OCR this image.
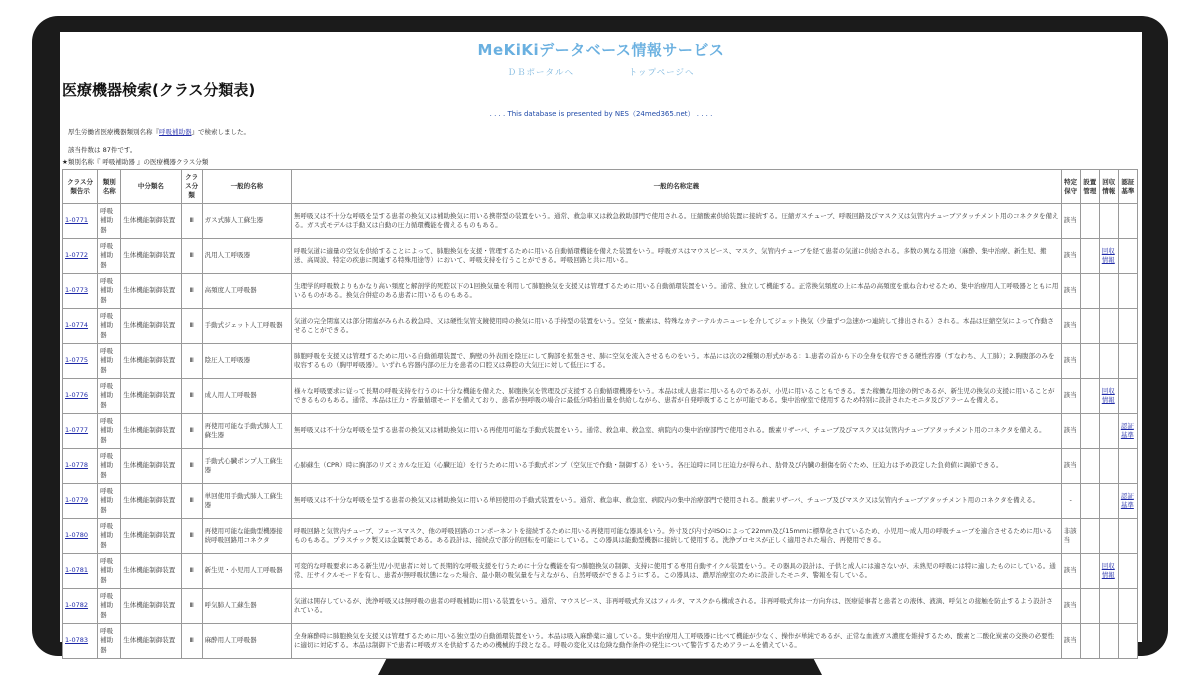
MeKiKiデータベース情報サービス
ＤＢポータルへ	トップページへ
医療機器検索(クラス分類表)
. . . . This database is presented by NES（24med365.net） . . . .
厚生労働省医療機器類別名称『呼吸補助器』で検索しました。
該当件数は 87件です。
★類別名称『 呼吸補助器 』の医療機器クラス分類
クラス分類告示	類別名称	中分類名	クラス分類	一般的名称	一般的名称定義	特定保守	設置管理	回収情報	認証基準
1-0771	呼吸補助器	生体機能制御装置	Ⅲ	ガス式肺人工蘇生器	無呼吸又は不十分な呼吸を呈する患者の換気又は補助換気に用いる携帯型の装置をいう。通常、救急車又は救急救助部門で使用される。圧縮酸素供給装置に接続する。圧縮ガスチューブ、呼吸回路及びマスク又は気管内チューブアタッチメント用のコネクタを備える。ガス式モデルは手動又は自動の圧力循環機能を備えるものもある。	該当			
1-0772	呼吸補助器	生体機能制御装置	Ⅲ	汎用人工呼吸器	呼吸気道に適量の空気を供給することによって、肺胞換気を支援・管理するために用いる自動循環機能を備えた装置をいう。呼吸ガスはマウスピース、マスク、気管内チューブを経て患者の気道に供給される。多数の異なる用途（麻酔、集中治療、新生児、搬送、高周波、特定の疾患に関連する特殊用途等）において、呼吸支持を行うことができる。呼吸回路と共に用いる。	該当		回収情報	
1-0773	呼吸補助器	生体機能制御装置	Ⅲ	高頻度人工呼吸器	生理学的呼吸数よりもかなり高い頻度と解剖学的死腔以下の1回換気量を利用して肺胞換気を支援又は管理するために用いる自動循環装置をいう。通常、独立して機能する。正常換気頻度の上に本品の高頻度を重ね合わせるため、集中治療用人工呼吸器とともに用いるものがある。換気合併症のある患者に用いるものもある。	該当			
1-0774	呼吸補助器	生体機能制御装置	Ⅲ	手動式ジェット人工呼吸器	気道の完全閉塞又は部分閉塞がみられる救急時、又は硬性気管支鏡使用時の換気に用いる手持型の装置をいう。空気・酸素は、特殊なカテーテルカニューレを介してジェット換気（少量ずつ急速かつ連続して排出される）される。本品は圧縮空気によって作動させることができる。	該当			
1-0775	呼吸補助器	生体機能制御装置	Ⅲ	陰圧人工呼吸器	肺胞呼吸を支援又は管理するために用いる自動循環装置で、胸壁の外表面を陰圧にして胸部を拡張させ、肺に空気を流入させるものをいう。本品には次の2種類の形式がある：1.患者の首から下の全身を収容できる硬性容器（すなわち、人工肺）；2.胸腹部のみを収容するもの（胸甲呼吸器）。いずれも容器内部の圧力を患者の口腔又は鼻腔の大気圧に対して低圧にする。	該当			
1-0776	呼吸補助器	生体機能制御装置	Ⅲ	成人用人工呼吸器	様々な呼吸要求に従って長期の呼吸支持を行うのに十分な機能を備えた、肺胞換気を管理及び支援する自動循環機器をいう。本品は成人患者に用いるものであるが、小児に用いることもできる。また稼働な用途の例であるが、新生児の換気の支援に用いることができるものもある。通常、本品は圧力・容量循環モードを備えており、患者が無呼吸の場合に最低分時拍出量を供給しながら、患者が自発呼吸することが可能である。集中治療室で使用するため特別に設計されたモニタ及びアラームを備える。	該当		回収情報	
1-0777	呼吸補助器	生体機能制御装置	Ⅲ	再使用可能な手動式肺人工蘇生器	無呼吸又は不十分な呼吸を呈する患者の換気又は補助換気に用いる再使用可能な手動式装置をいう。通常、救急車、救急室、病院内の集中治療部門で使用される。酸素リザーバ、チューブ及びマスク又は気管内チューブアタッチメント用のコネクタを備える。	該当			認証基準
1-0778	呼吸補助器	生体機能制御装置	Ⅲ	手動式心臓ポンプ人工蘇生器	心肺蘇生（CPR）時に胸部のリズミカルな圧迫（心臓圧迫）を行うために用いる手動式ポンプ（空気圧で作動・制御する）をいう。各圧迫時に同じ圧迫力が得られ、肋骨及び内臓の損傷を防ぐため、圧迫力は予め設定した負荷値に調節できる。	該当			
1-0779	呼吸補助器	生体機能制御装置	Ⅲ	単回使用手動式肺人工蘇生器	無呼吸又は不十分な呼吸を呈する患者の換気又は補助換気に用いる単回使用の手動式装置をいう。通常、救急車、救急室、病院内の集中治療部門で使用される。酸素リザーバ、チューブ及びマスク又は気管内チューブアタッチメント用のコネクタを備える。	-			認証基準
1-0780	呼吸補助器	生体機能制御装置	Ⅲ	再使用可能な能動型機器接続呼吸回路用コネクタ	呼吸回路と気管内チューブ、フェースマスク、他の呼吸回路のコンポーネントを接続するために用いる再使用可能な器具をいう。外寸及び内寸がISOによって22mm及び15mmに標準化されているため、小児用〜成人用の呼吸チューブを適合させるために用いるものもある。プラスチック製又は金属製である。ある設計は、接続点で部分的回転を可能にしている。この器具は能動型機器に接続して使用する。洗浄プロセスが正しく適用された場合、再使用できる。	非該当			
1-0781	呼吸補助器	生体機能制御装置	Ⅲ	新生児・小児用人工呼吸器	可変的な呼吸要求にある新生児/小児患者に対して長期的な呼吸支援を行うために十分な機能を有つ肺胞換気の制御、支持に使用する専用自動サイクル装置をいう。その器具の設計は、子供と成人には適さないが、未熟児の呼吸には特に適したものにしている。通常、圧サイクルモードを有し、患者が無呼吸状態になった場合、最小限の吸気量を与えながら、自然呼吸ができるようにする。この器具は、濃厚治療室のために設計したモニタ、警報を有している。	該当		回収情報	
1-0782	呼吸補助器	生体機能制御装置	Ⅲ	呼気肺人工蘇生器	気道は開存しているが、洗浄呼吸又は無呼吸の患者の呼吸補助に用いる装置をいう。通常、マウスピース、非再呼吸式弁又はフィルタ、マスクから構成される。非再呼吸式弁は一方向弁は、医療従事者と患者との液体、液滴、呼気との接触を防止するよう設計されている。	該当			
1-0783	呼吸補助器	生体機能制御装置	Ⅲ	麻酔用人工呼吸器	全身麻酔時に肺胞換気を支援又は管理するために用いる独立型の自動循環装置をいう。本品は吸入麻酔薬に適している。集中治療用人工呼吸器に比べて機能が少なく、操作が単純であるが、正常な血液ガス濃度を維持するため、酸素と二酸化炭素の交換の必要性に適切に対応する。本品は制御下で患者に呼吸ガスを供給するための機械的手段となる。呼吸の変化又は危険な動作条件の発生について警告するためアラームを備えている。	該当			
